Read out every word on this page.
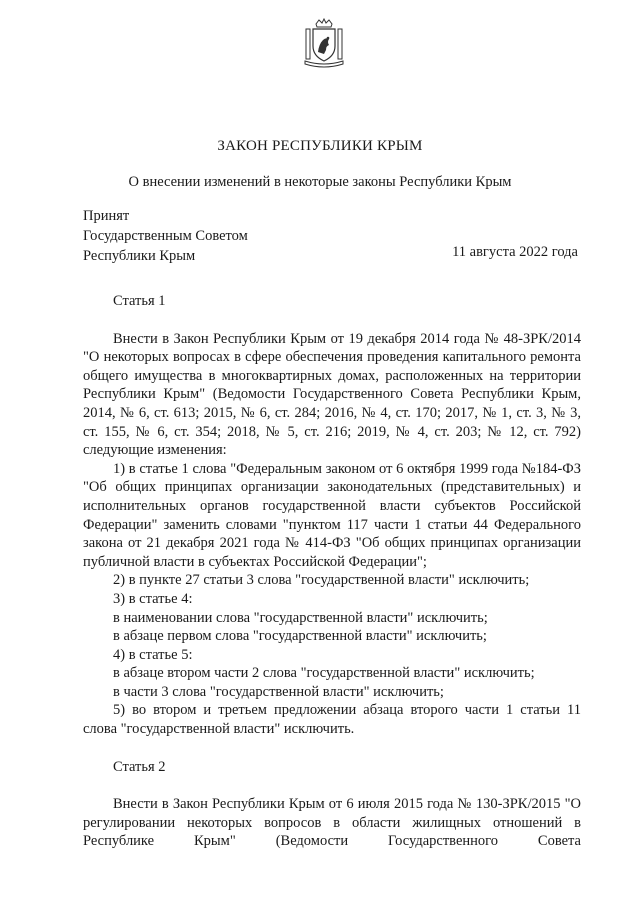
ЗАКОН РЕСПУБЛИКИ КРЫМ
О внесении изменений в некоторые законы Республики Крым
Принят
Государственным Советом
Республики Крым	11 августа 2022 года
Статья 1

Внести в Закон Республики Крым от 19 декабря 2014 года № 48-ЗРК/2014 "О некоторых вопросах в сфере обеспечения проведения капитального ремонта общего имущества в многоквартирных домах, расположенных на территории Республики Крым" (Ведомости Государственного Совета Республики Крым, 2014, № 6, ст. 613; 2015, № 6, ст. 284; 2016, № 4, ст. 170; 2017, № 1, ст. 3, № 3, ст. 155, № 6, ст. 354; 2018, № 5, ст. 216; 2019, № 4, ст. 203; № 12, ст. 792) следующие изменения:

1) в статье 1 слова "Федеральным законом от 6 октября 1999 года №184-ФЗ "Об общих принципах организации законодательных (представительных) и исполнительных органов государственной власти субъектов Российской Федерации" заменить словами "пунктом 117 части 1 статьи 44 Федерального закона от 21 декабря 2021 года № 414-ФЗ "Об общих принципах организации публичной власти в субъектах Российской Федерации";

2) в пункте 27 статьи 3 слова "государственной власти" исключить;

3) в статье 4:

в наименовании слова "государственной власти" исключить;

в абзаце первом слова "государственной власти" исключить;

4) в статье 5:

в абзаце втором части 2 слова "государственной власти" исключить;

в части 3 слова "государственной власти" исключить;

5) во втором и третьем предложении абзаца второго части 1 статьи 11 слова "государственной власти" исключить.

Статья 2

Внести в Закон Республики Крым от 6 июля 2015 года № 130-ЗРК/2015 "О регулировании некоторых вопросов в области жилищных отношений в Республике Крым" (Ведомости Государственного Совета
